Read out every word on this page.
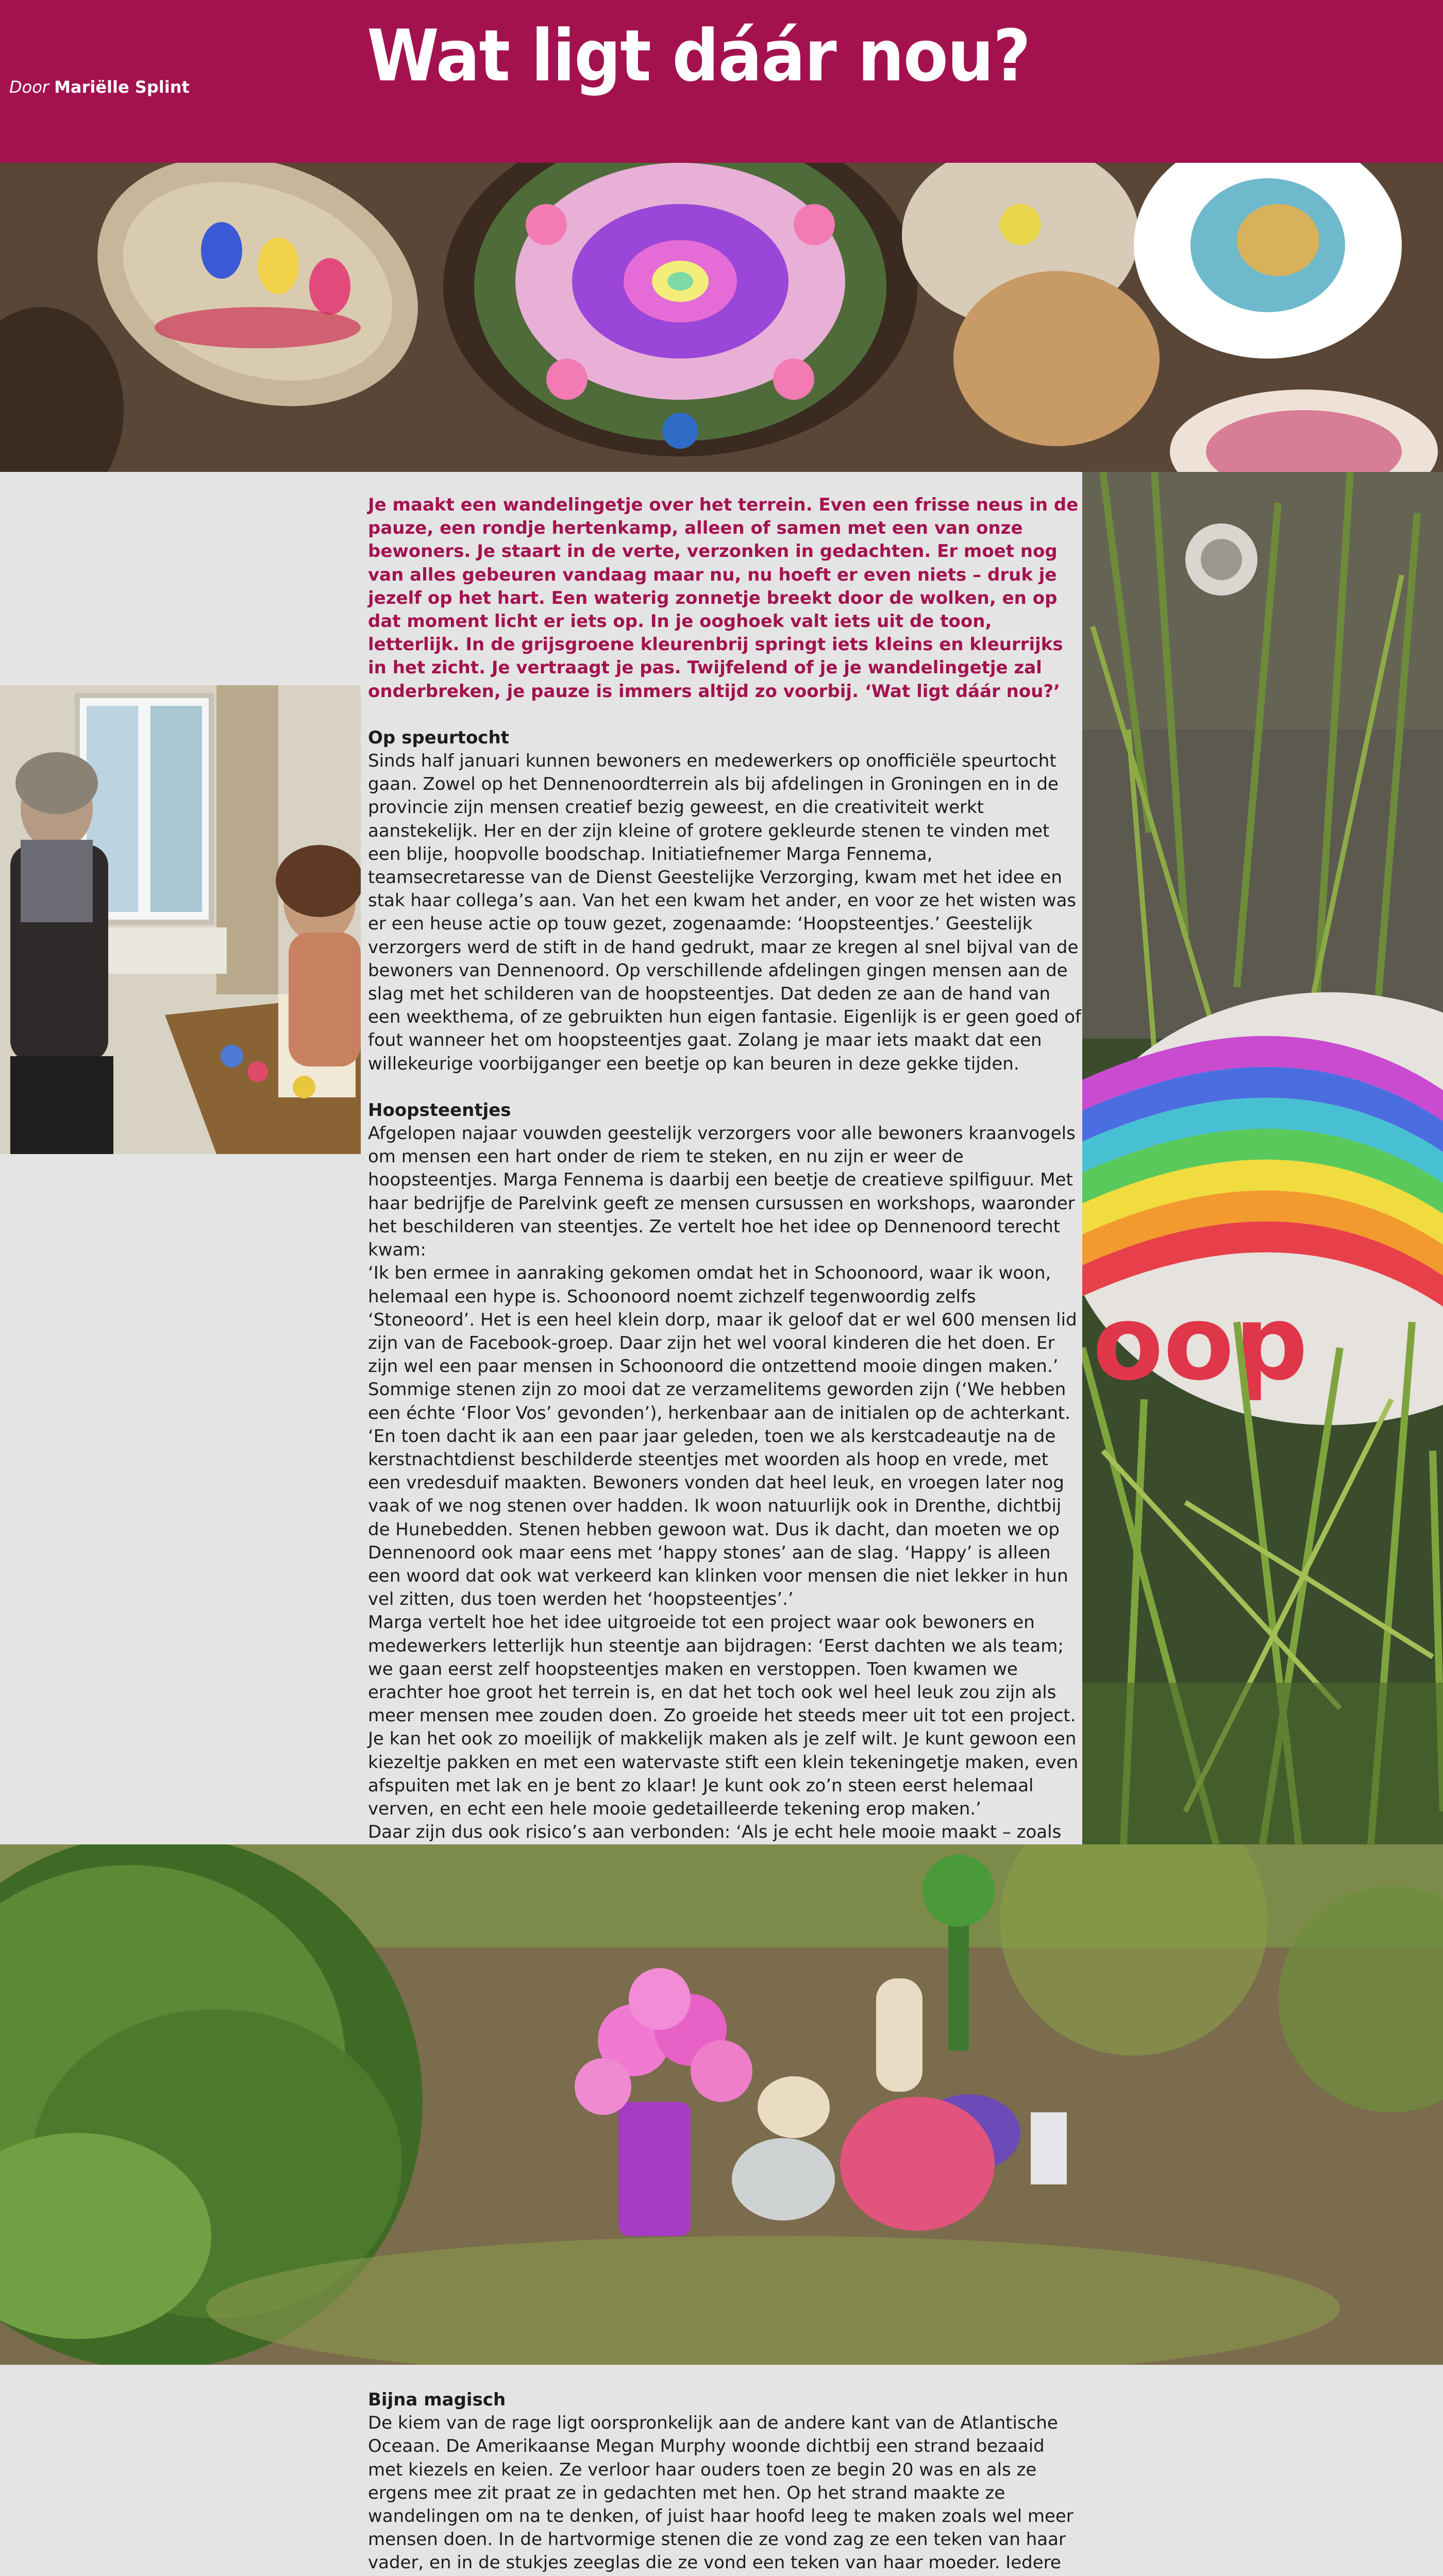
Door Mariëlle Splint Wat ligt dáár nou?
oop

Je maakt een wandelingetje over het terrein. Even een frisse neus in de pauze, een rondje hertenkamp, alleen of samen met een van onze bewoners. Je staart in de verte, verzonken in gedachten. Er moet nog van alles gebeuren vandaag maar nu, nu hoeft er even niets – druk je jezelf op het hart. Een waterig zonnetje breekt door de wolken, en op dat moment licht er iets op. In je ooghoek valt iets uit de toon, letterlijk. In de grijsgroene kleurenbrij springt iets kleins en kleurrijks in het zicht. Je vertraagt je pas. Twijfelend of je je wandelingetje zal onderbreken, je pauze is immers altijd zo voorbij. ‘Wat ligt dáár nou?’

Op speurtocht

Sinds half januari kunnen bewoners en medewerkers op onofficiële speurtocht gaan. Zowel op het Dennenoordterrein als bij afdelingen in Groningen en in de provincie zijn mensen creatief bezig geweest, en die creativiteit werkt aanstekelijk. Her en der zijn kleine of grotere gekleurde stenen te vinden met een blije, hoopvolle boodschap. Initiatiefnemer Marga Fennema, teamsecretaresse van de Dienst Geestelijke Verzorging, kwam met het idee en stak haar collega’s aan. Van het een kwam het ander, en voor ze het wisten was er een heuse actie op touw gezet, zogenaamde: ‘Hoopsteentjes.’ Geestelijk verzorgers werd de stift in de hand gedrukt, maar ze kregen al snel bijval van de bewoners van Dennenoord. Op verschillende afdelingen gingen mensen aan de slag met het schilderen van de hoopsteentjes. Dat deden ze aan de hand van een weekthema, of ze gebruikten hun eigen fantasie. Eigenlijk is er geen goed of fout wanneer het om hoopsteentjes gaat. Zolang je maar iets maakt dat een willekeurige voorbijganger een beetje op kan beuren in deze gekke tijden.

Hoopsteentjes

Afgelopen najaar vouwden geestelijk verzorgers voor alle bewoners kraanvogels om mensen een hart onder de riem te steken, en nu zijn er weer de hoopsteentjes. Marga Fennema is daarbij een beetje de creatieve spilfiguur. Met haar bedrijfje de Parelvink geeft ze mensen cursussen en workshops, waaronder het beschilderen van steentjes. Ze vertelt hoe het idee op Dennenoord terecht kwam:

‘Ik ben ermee in aanraking gekomen omdat het in Schoonoord, waar ik woon, helemaal een hype is. Schoonoord noemt zichzelf tegenwoordig zelfs ‘Stoneoord’. Het is een heel klein dorp, maar ik geloof dat er wel 600 mensen lid zijn van de Facebook-groep. Daar zijn het wel vooral kinderen die het doen. Er zijn wel een paar mensen in Schoonoord die ontzettend mooie dingen maken.’

Sommige stenen zijn zo mooi dat ze verzamelitems geworden zijn (‘We hebben een échte ‘Floor Vos’ gevonden’), herkenbaar aan de initialen op de achterkant.

‘En toen dacht ik aan een paar jaar geleden, toen we als kerstcadeautje na de kerstnachtdienst beschilderde steentjes met woorden als hoop en vrede, met een vredesduif maakten. Bewoners vonden dat heel leuk, en vroegen later nog vaak of we nog stenen over hadden. Ik woon natuurlijk ook in Drenthe, dichtbij de Hunebedden. Stenen hebben gewoon wat. Dus ik dacht, dan moeten we op Dennenoord ook maar eens met ‘happy stones’ aan de slag. ‘Happy’ is alleen een woord dat ook wat verkeerd kan klinken voor mensen die niet lekker in hun vel zitten, dus toen werden het ‘hoopsteentjes’.’

Marga vertelt hoe het idee uitgroeide tot een project waar ook bewoners en medewerkers letterlijk hun steentje aan bijdragen: ‘Eerst dachten we als team; we gaan eerst zelf hoopsteentjes maken en verstoppen. Toen kwamen we erachter hoe groot het terrein is, en dat het toch ook wel heel leuk zou zijn als meer mensen mee zouden doen. Zo groeide het steeds meer uit tot een project. Je kan het ook zo moeilijk of makkelijk maken als je zelf wilt. Je kunt gewoon een kiezeltje pakken en met een watervaste stift een klein tekeningetje maken, even afspuiten met lak en je bent zo klaar! Je kunt ook zo’n steen eerst helemaal verven, en echt een hele mooie gedetailleerde tekening erop maken.’

Daar zijn dus ook risico’s aan verbonden: ‘Als je echt hele mooie maakt – zoals

Bijna magisch

De kiem van de rage ligt oorspronkelijk aan de andere kant van de Atlantische Oceaan. De Amerikaanse Megan Murphy woonde dichtbij een strand bezaaid met kiezels en keien. Ze verloor haar ouders toen ze begin 20 was en als ze ergens mee zit praat ze in gedachten met hen. Op het strand maakte ze wandelingen om na te denken, of juist haar hoofd leeg te maken zoals wel meer mensen doen. In de hartvormige stenen die ze vond zag ze een teken van haar vader, en in de stukjes zeeglas die ze vond een teken van haar moeder. Iedere
